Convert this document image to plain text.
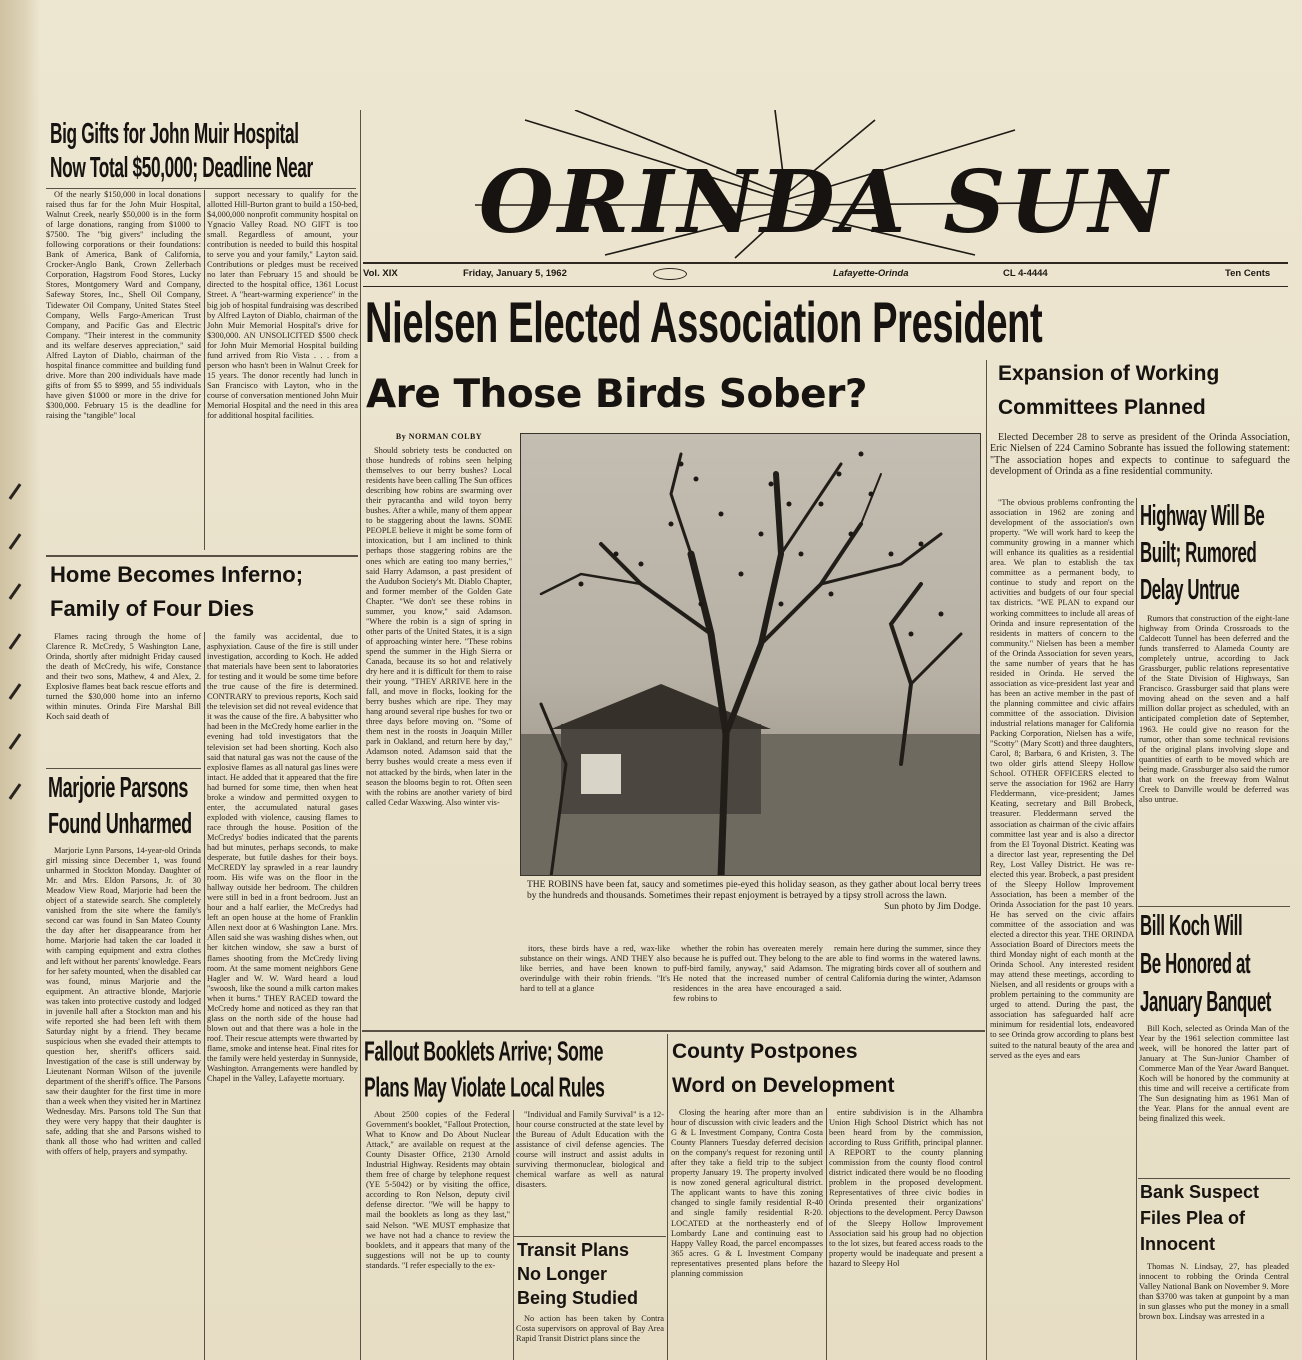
ORINDA SUN
Vol. XIX	Friday, January 5, 1962	Lafayette-Orinda	CL 4-4444	Ten Cents
Nielsen Elected Association President
Big Gifts for John Muir Hospital
Now Total $50,000; Deadline Near

Of the nearly $150,000 in local donations raised thus far for the John Muir Hospital, Walnut Creek, nearly $50,000 is in the form of large donations, ranging from $1000 to $7500. The "big givers" including the following corporations or their foundations: Bank of America, Bank of California, Crocker-Anglo Bank, Crown Zellerbach Corporation, Hagstrom Food Stores, Lucky Stores, Montgomery Ward and Company, Safeway Stores, Inc., Shell Oil Company, Tidewater Oil Company, United States Steel Company, Wells Fargo-American Trust Company, and Pacific Gas and Electric Company. "Their interest in the community and its welfare deserves appreciation," said Alfred Layton of Diablo, chairman of the hospital finance committee and building fund drive. More than 200 individuals have made gifts of from $5 to $999, and 55 individuals have given $1000 or more in the drive for $300,000. February 15 is the deadline for raising the "tangible" local

support necessary to qualify for the allotted Hill-Burton grant to build a 150-bed, $4,000,000 nonprofit community hospital on Ygnacio Valley Road. NO GIFT is too small. Regardless of amount, your contribution is needed to build this hospital to serve you and your family," Layton said. Contributions or pledges must be received no later than February 15 and should be directed to the hospital office, 1361 Locust Street. A "heart-warming experience" in the big job of hospital fundraising was described by Alfred Layton of Diablo, chairman of the John Muir Memorial Hospital's drive for $300,000. AN UNSOLICITED $500 check for John Muir Memorial Hospital building fund arrived from Rio Vista . . . from a person who hasn't been in Walnut Creek for 15 years. The donor recently had lunch in San Francisco with Layton, who in the course of conversation mentioned John Muir Memorial Hospital and the need in this area for additional hospital facilities.

Home Becomes Inferno;
Family of Four Dies

Flames racing through the home of Clarence R. McCredy, 5 Washington Lane, Orinda, shortly after midnight Friday caused the death of McCredy, his wife, Constance and their two sons, Mathew, 4 and Alex, 2. Explosive flames beat back rescue efforts and turned the $30,000 home into an inferno within minutes. Orinda Fire Marshal Bill Koch said death of

the family was accidental, due to asphyxiation. Cause of the fire is still under investigation, according to Koch. He added that materials have been sent to laboratories for testing and it would be some time before the true cause of the fire is determined. CONTRARY to previous reports, Koch said the television set did not reveal evidence that it was the cause of the fire. A babysitter who had been in the McCredy home earlier in the evening had told investigators that the television set had been shorting. Koch also said that natural gas was not the cause of the explosive flames as all natural gas lines were intact. He added that it appeared that the fire had burned for some time, then when heat broke a window and permitted oxygen to enter, the accumulated natural gases exploded with violence, causing flames to race through the house. Position of the McCredys' bodies indicated that the parents had but minutes, perhaps seconds, to make desperate, but futile dashes for their boys. McCREDY lay sprawled in a rear laundry room. His wife was on the floor in the hallway outside her bedroom. The children were still in bed in a front bedroom. Just an hour and a half earlier, the McCredys had left an open house at the home of Franklin Allen next door at 6 Washington Lane. Mrs. Allen said she was washing dishes when, out her kitchen window, she saw a burst of flames shooting from the McCredy living room. At the same moment neighbors Gene Hagler and W. W. Ward heard a loud "swoosh, like the sound a milk carton makes when it burns." THEY RACED toward the McCredy home and noticed as they ran that glass on the north side of the house had blown out and that there was a hole in the roof. Their rescue attempts were thwarted by flame, smoke and intense heat. Final rites for the family were held yesterday in Sunnyside, Washington. Arrangements were handled by Chapel in the Valley, Lafayette mortuary.

Marjorie Parsons
Found Unharmed

Marjorie Lynn Parsons, 14-year-old Orinda girl missing since December 1, was found unharmed in Stockton Monday. Daughter of Mr. and Mrs. Eldon Parsons, Jr. of 30 Meadow View Road, Marjorie had been the object of a statewide search. She completely vanished from the site where the family's second car was found in San Mateo County the day after her disappearance from her home. Marjorie had taken the car loaded it with camping equipment and extra clothes and left without her parents' knowledge. Fears for her safety mounted, when the disabled car was found, minus Marjorie and the equipment. An attractive blonde, Marjorie was taken into protective custody and lodged in juvenile hall after a Stockton man and his wife reported she had been left with them Saturday night by a friend. They became suspicious when she evaded their attempts to question her, sheriff's officers said. Investigation of the case is still underway by Lieutenant Norman Wilson of the juvenile department of the sheriff's office. The Parsons saw their daughter for the first time in more than a week when they visited her in Martinez Wednesday. Mrs. Parsons told The Sun that they were very happy that their daughter is safe, adding that she and Parsons wished to thank all those who had written and called with offers of help, prayers and sympathy.

Are Those Birds Sober?
By NORMAN COLBY

Should sobriety tests be conducted on those hundreds of robins seen helping themselves to our berry bushes? Local residents have been calling The Sun offices describing how robins are swarming over their pyracantha and wild toyon berry bushes. After a while, many of them appear to be staggering about the lawns. SOME PEOPLE believe it might be some form of intoxication, but I am inclined to think perhaps those staggering robins are the ones which are eating too many berries," said Harry Adamson, a past president of the Audubon Society's Mt. Diablo Chapter, and former member of the Golden Gate Chapter. "We don't see these robins in summer, you know," said Adamson. "Where the robin is a sign of spring in other parts of the United States, it is a sign of approaching winter here. "These robins spend the summer in the High Sierra or Canada, because its so hot and relatively dry here and it is difficult for them to raise their young. "THEY ARRIVE here in the fall, and move in flocks, looking for the berry bushes which are ripe. They may hang around several ripe bushes for two or three days before moving on. "Some of them nest in the roosts in Joaquin Miller park in Oakland, and return here by day," Adamson noted. Adamson said that the berry bushes would create a mess even if not attacked by the birds, when later in the season the blooms begin to rot. Often seen with the robins are another variety of bird called Cedar Waxwing. Also winter vis-

THE ROBINS have been fat, saucy and sometimes pie-eyed this holiday season, as they gather about local berry trees by the hundreds and thousands. Sometimes their repast enjoyment is betrayed by a tipsy stroll across the lawn.
Sun photo by Jim Dodge.

itors, these birds have a red, wax-like substance on their wings. AND THEY also like berries, and have been known to overindulge with their robin friends. "It's hard to tell at a glance

whether the robin has overeaten merely because he is puffed out. They belong to the puff-bird family, anyway," said Adamson. He noted that the increased number of residences in the area have encouraged a few robins to

remain here during the summer, since they are able to find worms in the watered lawns. The migrating birds cover all of southern and central California during the winter, Adamson said.

Fallout Booklets Arrive; Some
Plans May Violate Local Rules

About 2500 copies of the Federal Government's booklet, "Fallout Protection, What to Know and Do About Nuclear Attack," are available on request at the County Disaster Office, 2130 Arnold Industrial Highway. Residents may obtain them free of charge by telephone request (YE 5-5042) or by visiting the office, according to Ron Nelson, deputy civil defense director. "We will be happy to mail the booklets as long as they last," said Nelson. "WE MUST emphasize that we have not had a chance to review the booklets, and it appears that many of the suggestions will not be up to county standards. "I refer especially to the ex-

"Individual and Family Survival" is a 12-hour course constructed at the state level by the Bureau of Adult Education with the assistance of civil defense agencies. The course will instruct and assist adults in surviving thermonuclear, biological and chemical warfare as well as natural disasters.

Transit Plans
No Longer
Being Studied

No action has been taken by Contra Costa supervisors on approval of Bay Area Rapid Transit District plans since the

County Postpones
Word on Development

Closing the hearing after more than an hour of discussion with civic leaders and the G & L Investment Company, Contra Costa County Planners Tuesday deferred decision on the company's request for rezoning until after they take a field trip to the subject property January 19. The property involved is now zoned general agricultural district. The applicant wants to have this zoning changed to single family residential R-40 and single family residential R-20. LOCATED at the northeasterly end of Lombardy Lane and continuing east to Happy Valley Road, the parcel encompasses 365 acres. G & L Investment Company representatives presented plans before the planning commission

entire subdivision is in the Alhambra Union High School District which has not been heard from by the commission, according to Russ Griffith, principal planner. A REPORT to the county planning commission from the county flood control district indicated there would be no flooding problem in the proposed development. Representatives of three civic bodies in Orinda presented their organizations' objections to the development. Percy Dawson of the Sleepy Hollow Improvement Association said his group had no objection to the lot sizes, but feared access roads to the property would be inadequate and present a hazard to Sleepy Hol

Expansion of Working
Committees Planned

Elected December 28 to serve as president of the Orinda Association, Eric Nielsen of 224 Camino Sobrante has issued the following statement: "The association hopes and expects to continue to safeguard the development of Orinda as a fine residential community.

"The obvious problems confronting the association in 1962 are zoning and development of the association's own property. "We will work hard to keep the community growing in a manner which will enhance its qualities as a residential area. We plan to establish the tax committee as a permanent body, to continue to study and report on the activities and budgets of our four special tax districts. "WE PLAN to expand our working committees to include all areas of Orinda and insure representation of the residents in matters of concern to the community." Nielsen has been a member of the Orinda Association for seven years, the same number of years that he has resided in Orinda. He served the association as vice-president last year and has been an active member in the past of the planning committee and civic affairs committee of the association. Division industrial relations manager for California Packing Corporation, Nielsen has a wife, "Scotty" (Mary Scott) and three daughters, Carol, 8; Barbara, 6 and Kristen, 3. The two older girls attend Sleepy Hollow School. OTHER OFFICERS elected to serve the association for 1962 are Harry Fleddermann, vice-president; James Keating, secretary and Bill Brobeck, treasurer. Fleddermann served the association as chairman of the civic affairs committee last year and is also a director from the El Toyonal District. Keating was a director last year, representing the Del Rey, Lost Valley District. He was re-elected this year. Brobeck, a past president of the Sleepy Hollow Improvement Association, has been a member of the Orinda Association for the past 10 years. He has served on the civic affairs committee of the association and was elected a director this year. THE ORINDA Association Board of Directors meets the third Monday night of each month at the Orinda School. Any interested resident may attend these meetings, according to Nielsen, and all residents or groups with a problem pertaining to the community are urged to attend. During the past, the association has safeguarded half acre minimum for residential lots, endeavored to see Orinda grow according to plans best suited to the natural beauty of the area and served as the eyes and ears

Highway Will Be
Built; Rumored
Delay Untrue

Rumors that construction of the eight-lane highway from Orinda Crossroads to the Caldecott Tunnel has been deferred and the funds transferred to Alameda County are completely untrue, according to Jack Grassburger, public relations representative of the State Division of Highways, San Francisco. Grassburger said that plans were moving ahead on the seven and a half million dollar project as scheduled, with an anticipated completion date of September, 1963. He could give no reason for the rumor, other than some technical revisions of the original plans involving slope and quantities of earth to be moved which are being made. Grassburger also said the rumor that work on the freeway from Walnut Creek to Danville would be deferred was also untrue.

Bill Koch Will
Be Honored at
January Banquet

Bill Koch, selected as Orinda Man of the Year by the 1961 selection committee last week, will be honored the latter part of January at The Sun-Junior Chamber of Commerce Man of the Year Award Banquet. Koch will be honored by the community at this time and will receive a certificate from The Sun designating him as 1961 Man of the Year. Plans for the annual event are being finalized this week.

Bank Suspect
Files Plea of
Innocent

Thomas N. Lindsay, 27, has pleaded innocent to robbing the Orinda Central Valley National Bank on November 9. More than $3700 was taken at gunpoint by a man in sun glasses who put the money in a small brown box. Lindsay was arrested in a
